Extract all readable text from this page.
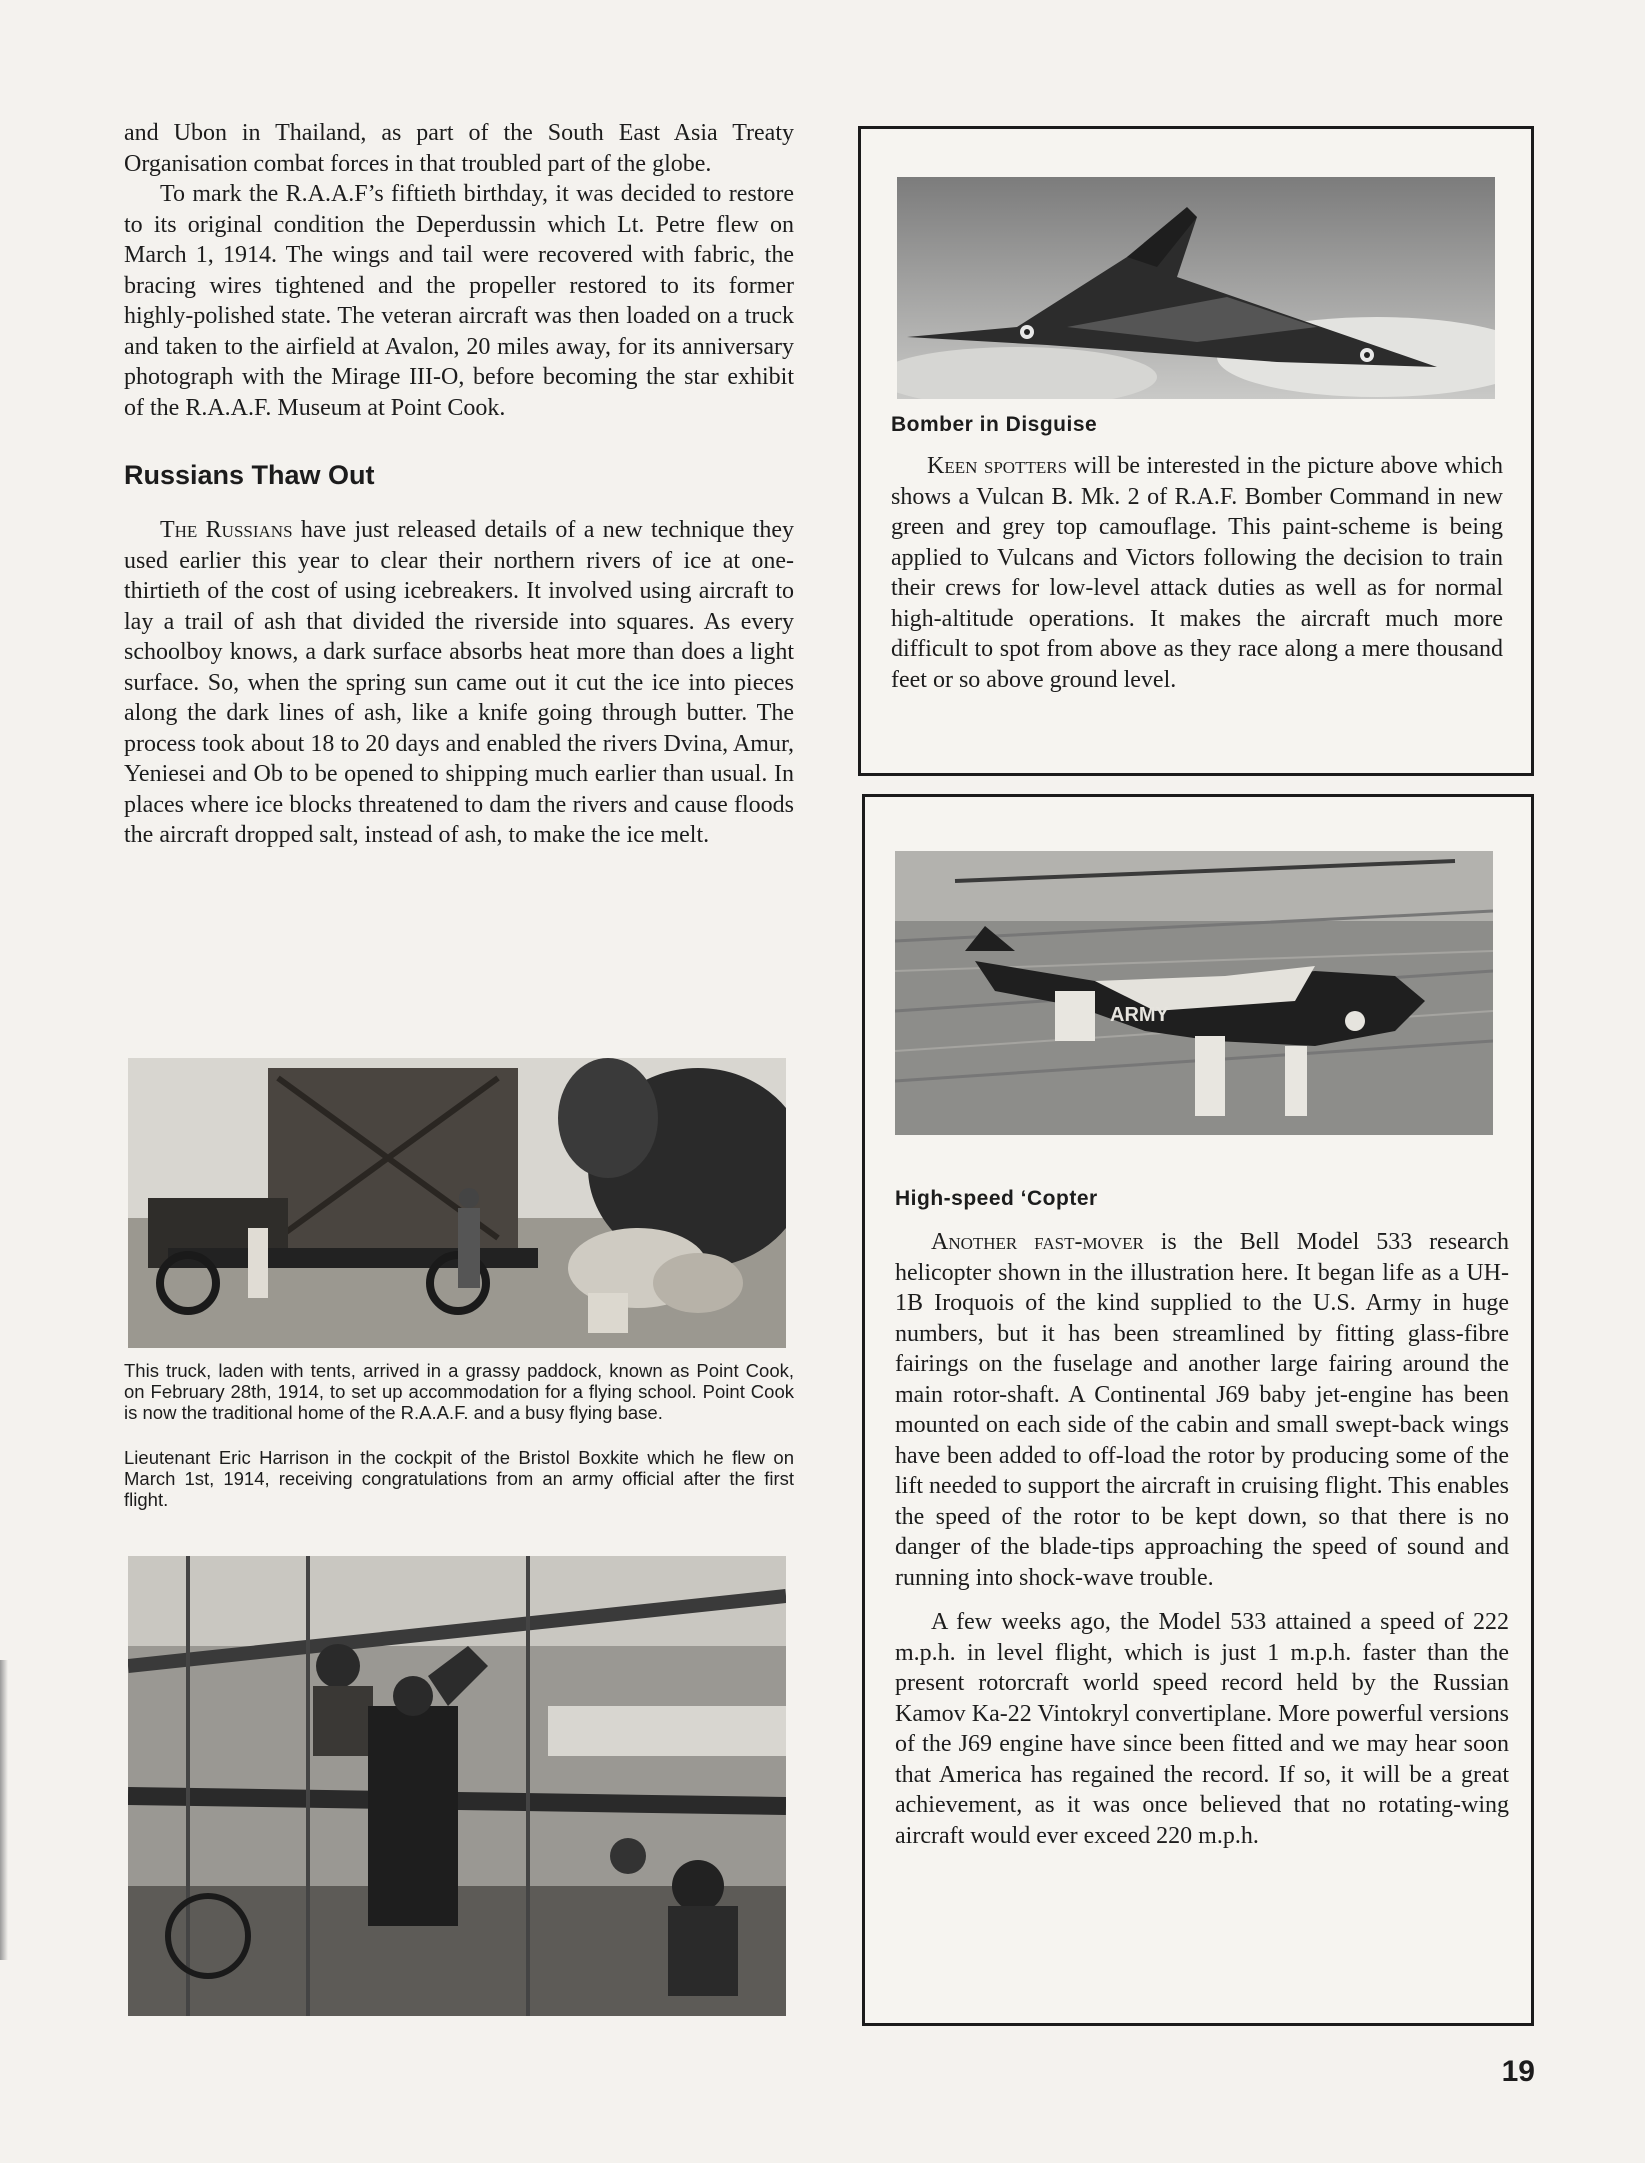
and Ubon in Thailand, as part of the South East Asia Treaty Organisation combat forces in that troubled part of the globe.

To mark the R.A.A.F’s fiftieth birthday, it was decided to restore to its original condition the Deperdussin which Lt. Petre flew on March 1, 1914. The wings and tail were recovered with fabric, the bracing wires tightened and the propeller restored to its former highly-polished state. The veteran aircraft was then loaded on a truck and taken to the airfield at Avalon, 20 miles away, for its anniversary photograph with the Mirage III-O, before becoming the star exhibit of the R.A.A.F. Museum at Point Cook.

Russians Thaw Out

The Russians have just released details of a new technique they used earlier this year to clear their northern rivers of ice at one-thirtieth of the cost of using icebreakers. It involved using aircraft to lay a trail of ash that divided the riverside into squares. As every schoolboy knows, a dark surface absorbs heat more than does a light surface. So, when the spring sun came out it cut the ice into pieces along the dark lines of ash, like a knife going through butter. The process took about 18 to 20 days and enabled the rivers Dvina, Amur, Yeniesei and Ob to be opened to shipping much earlier than usual. In places where ice blocks threatened to dam the rivers and cause floods the aircraft dropped salt, instead of ash, to make the ice melt.

This truck, laden with tents, arrived in a grassy paddock, known as Point Cook, on February 28th, 1914, to set up accommodation for a flying school. Point Cook is now the traditional home of the R.A.A.F. and a busy flying base.

Lieutenant Eric Harrison in the cockpit of the Bristol Boxkite which he flew on March 1st, 1914, receiving congratulations from an army official after the first flight.

Bomber in Disguise

Keen spotters will be interested in the picture above which shows a Vulcan B. Mk. 2 of R.A.F. Bomber Command in new green and grey top camouflage. This paint-scheme is being applied to Vulcans and Victors following the decision to train their crews for low-level attack duties as well as for normal high-altitude operations. It makes the aircraft much more difficult to spot from above as they race along a mere thousand feet or so above ground level.

ARMY
High-speed ‘Copter

Another fast-mover is the Bell Model 533 research helicopter shown in the illustration here. It began life as a UH-1B Iroquois of the kind supplied to the U.S. Army in huge numbers, but it has been streamlined by fitting glass-fibre fairings on the fuselage and another large fairing around the main rotor-shaft. A Continental J69 baby jet-engine has been mounted on each side of the cabin and small swept-back wings have been added to off-load the rotor by producing some of the lift needed to support the aircraft in cruising flight. This enables the speed of the rotor to be kept down, so that there is no danger of the blade-tips approaching the speed of sound and running into shock-wave trouble.

A few weeks ago, the Model 533 attained a speed of 222 m.p.h. in level flight, which is just 1 m.p.h. faster than the present rotorcraft world speed record held by the Russian Kamov Ka-22 Vintokryl convertiplane. More powerful versions of the J69 engine have since been fitted and we may hear soon that America has regained the record. If so, it will be a great achievement, as it was once believed that no rotating-wing aircraft would ever exceed 220 m.p.h.

19
